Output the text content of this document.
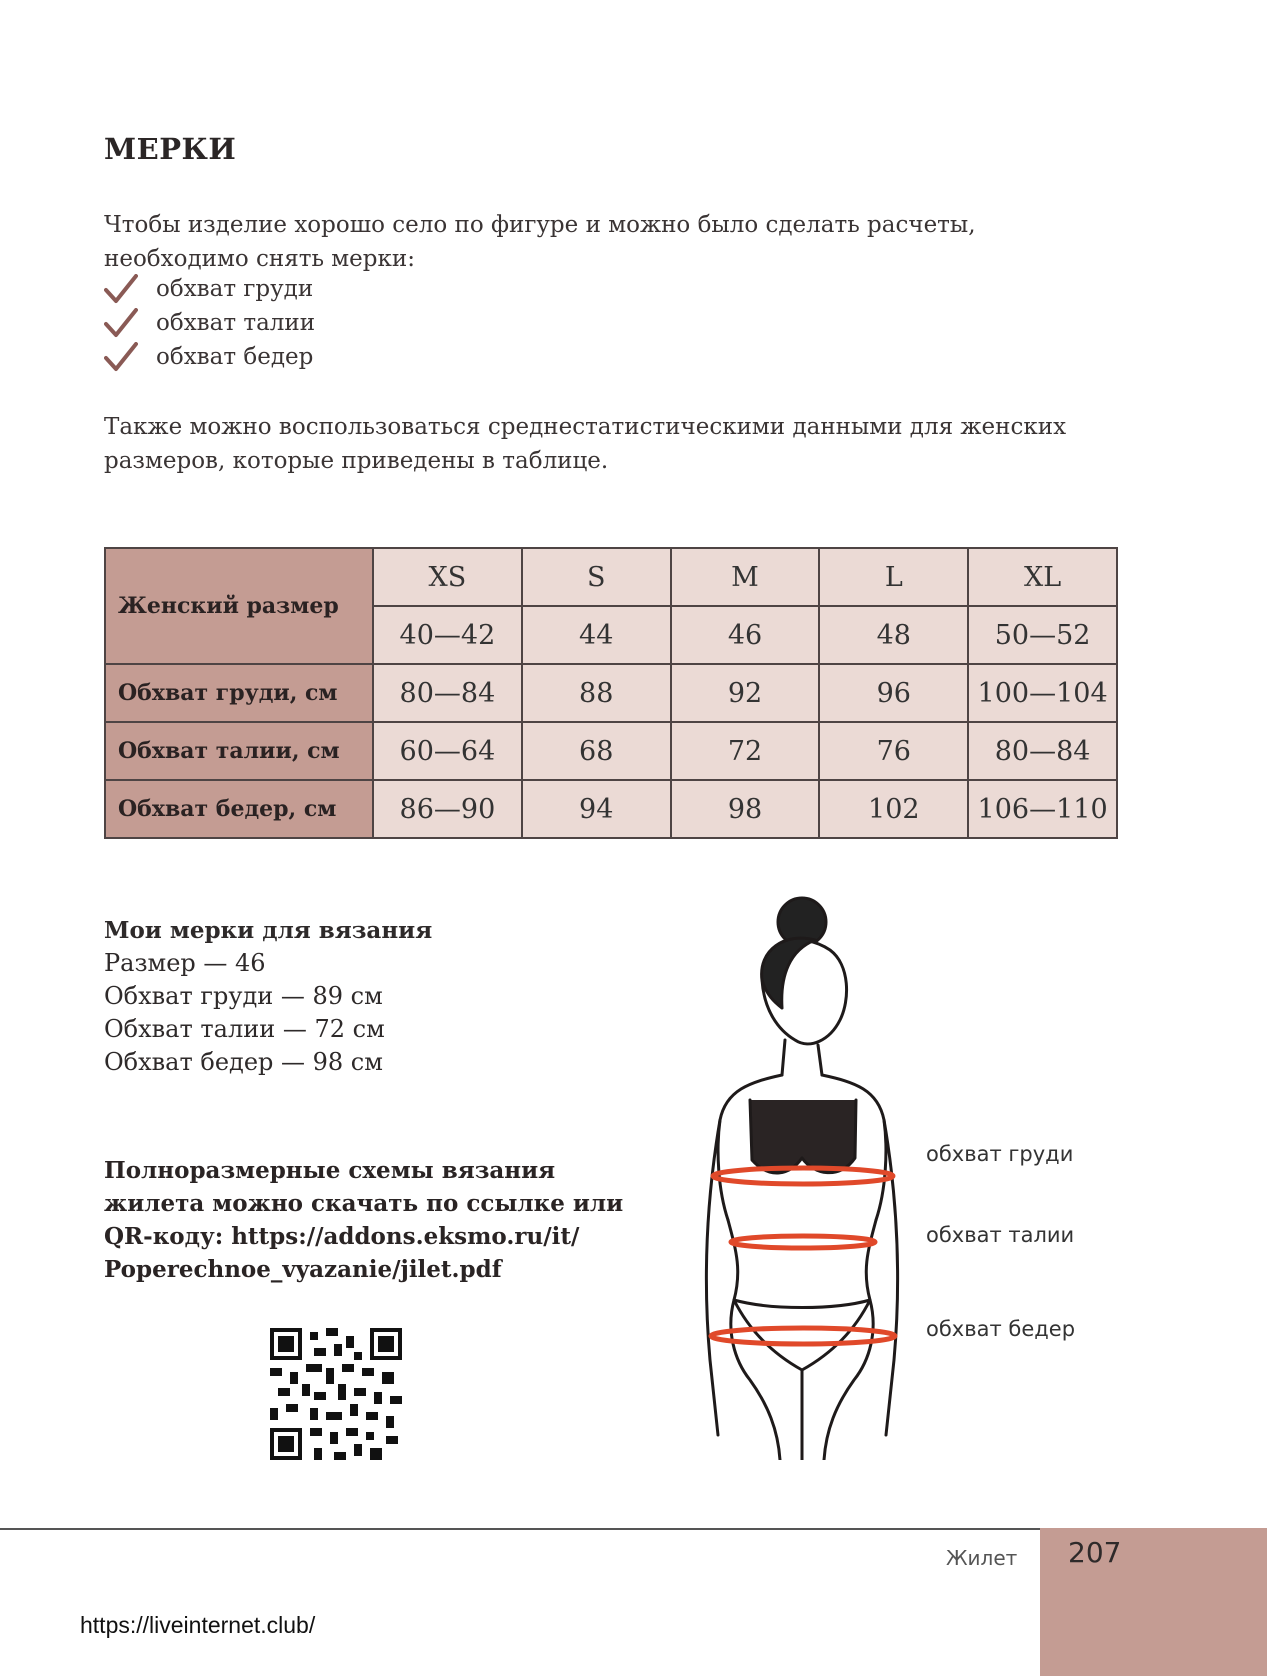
МЕРКИ

Чтобы изделие хорошо село по фигуре и можно было сделать расчеты, необходимо снять мерки:

обхват груди
обхват талии
обхват бедер

Также можно воспользоваться среднестатистическими данными для женских размеров, которые приведены в таблице.

Женский размер	XS	S	M	L	XL
	40—42	44	46	48	50—52
Обхват груди, см	80—84	88	92	96	100—104
Обхват талии, см	60—64	68	72	76	80—84
Обхват бедер, см	86—90	94	98	102	106—110
Мои мерки для вязания
Размер — 46
Обхват груди — 89 см
Обхват талии — 72 см
Обхват бедер — 98 см
Полноразмерные схемы вязания
жилета можно скачать по ссылке или
QR-коду: https://addons.eksmo.ru/it/
Poperechnoe_vyazanie/jilet.pdf
обхват груди
обхват талии
обхват бедер
Жилет 207
https://liveinternet.club/
